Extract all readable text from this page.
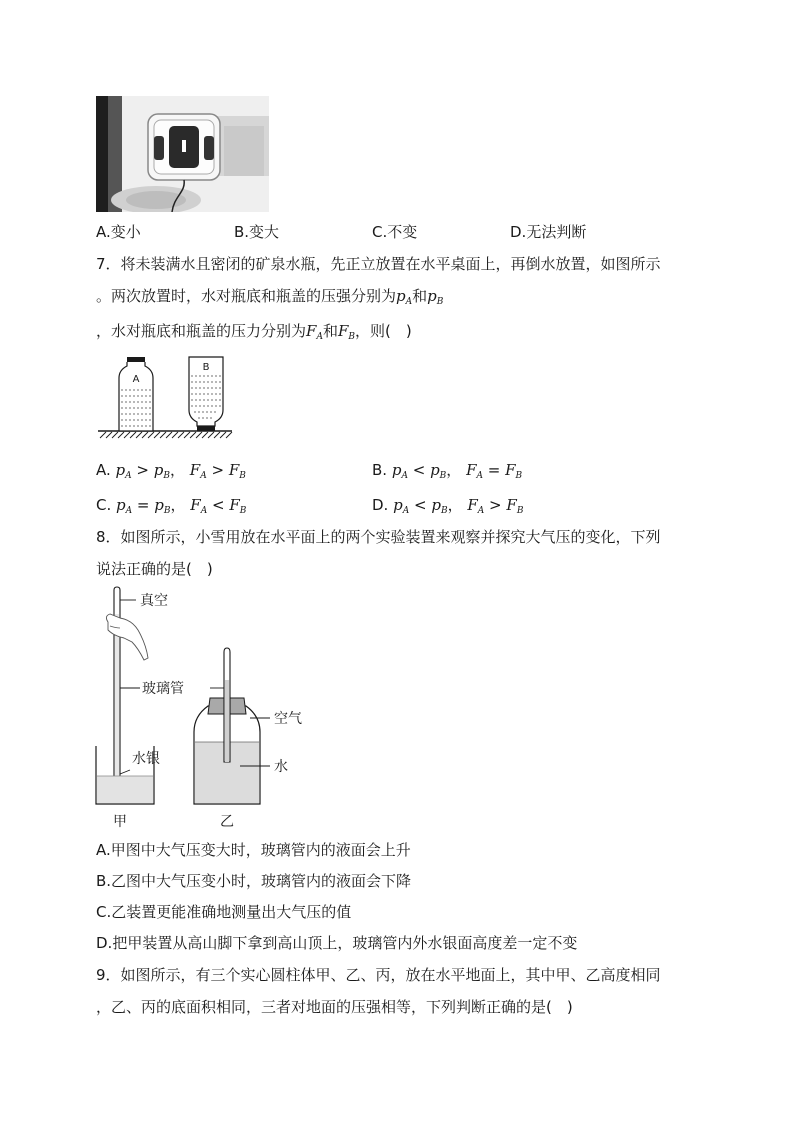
A.变小	B.变大	C.不变	D.无法判断
7．将未装满水且密闭的矿泉水瓶，先正立放置在水平桌面上，再倒水放置，如图所示
。两次放置时，水对瓶底和瓶盖的压强分别为$p_A$和$p_B$
，水对瓶底和瓶盖的压力分别为$F_A$和$F_B$，则(　)
A
B
A. $p_A > p_B$， $F_A > F_B$	B. $p_A < p_B$， $F_A = F_B$
C. $p_A = p_B$， $F_A < F_B$	D. $p_A < p_B$， $F_A > F_B$
8．如图所示，小雪用放在水平面上的两个实验装置来观察并探究大气压的变化，下列
说法正确的是(　)
真空
玻璃管
水银
甲
空气
水
乙
A.甲图中大气压变大时，玻璃管内的液面会上升
B.乙图中大气压变小时，玻璃管内的液面会下降
C.乙装置更能准确地测量出大气压的值
D.把甲装置从高山脚下拿到高山顶上，玻璃管内外水银面高度差一定不变
9．如图所示，有三个实心圆柱体甲、乙、丙，放在水平地面上，其中甲、乙高度相同
，乙、丙的底面积相同，三者对地面的压强相等，下列判断正确的是(　)
